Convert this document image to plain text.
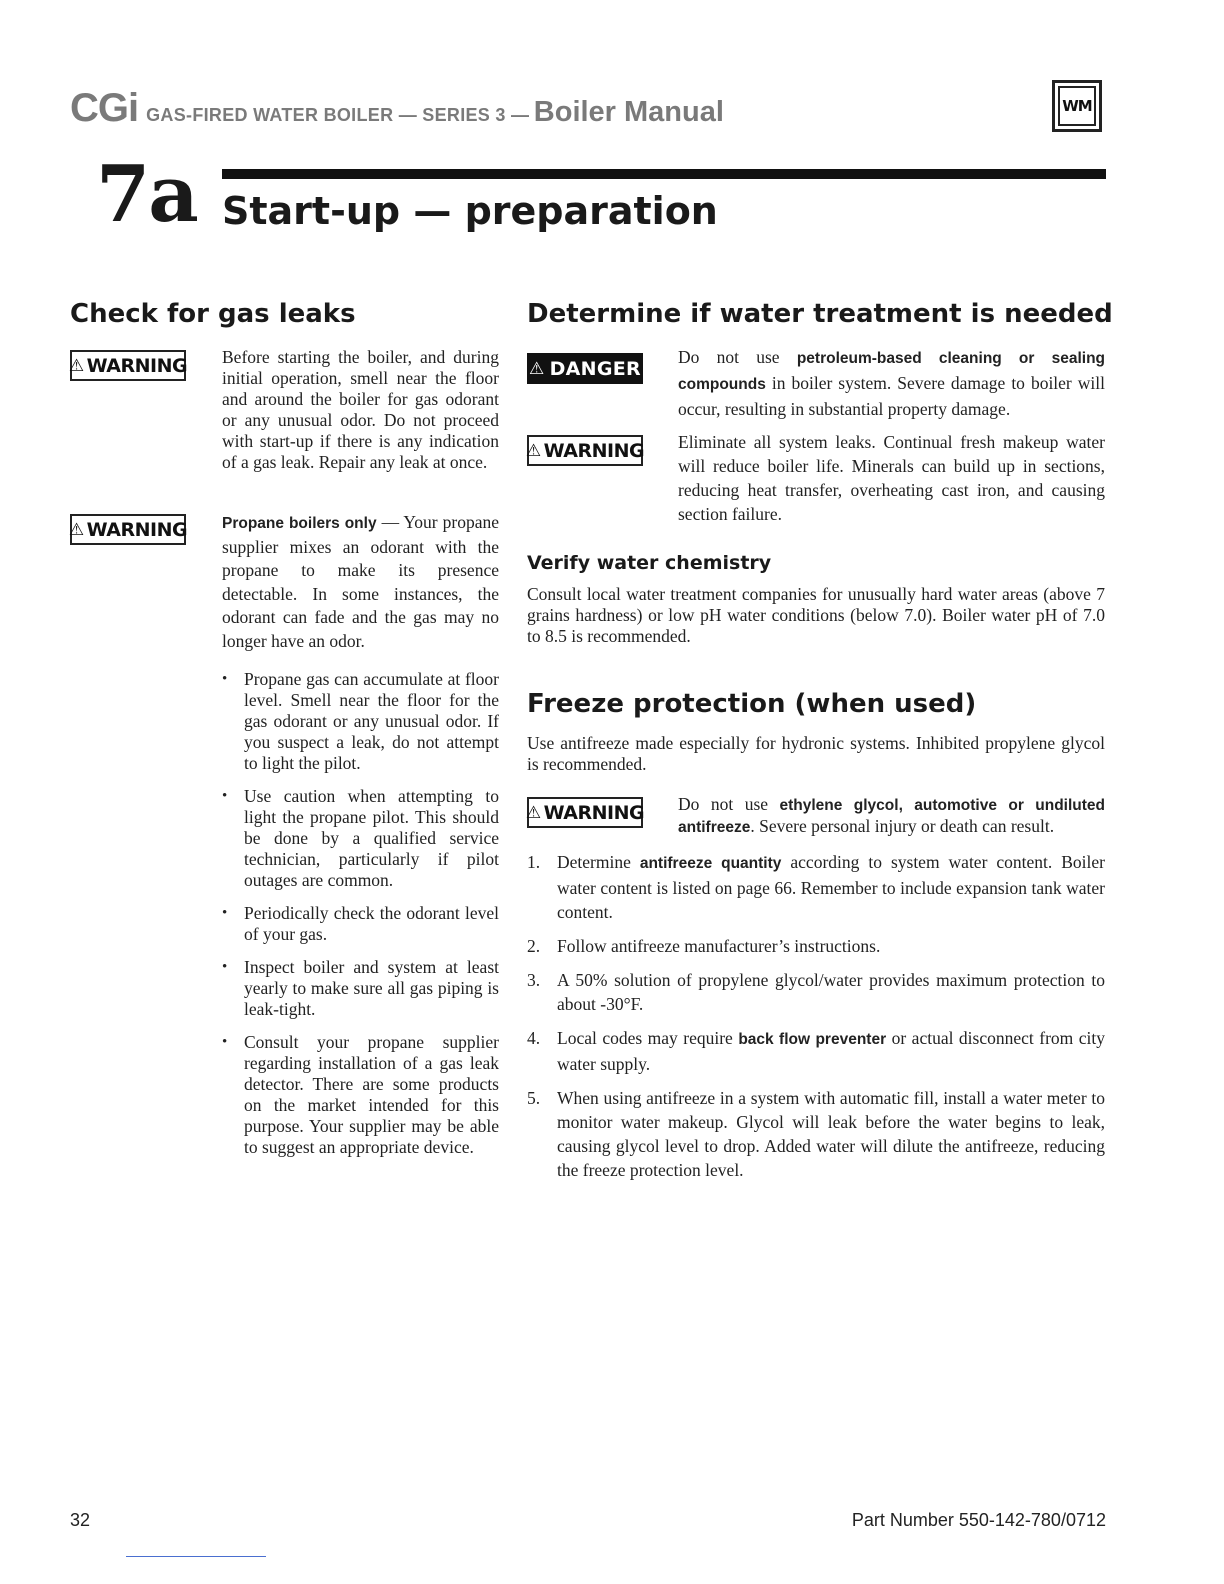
CGi GAS-FIRED WATER BOILER — SERIES 3 — Boiler Manual	WM
7a Start-up — preparation
Check for gas leaks
⚠ WARNING Before starting the boiler, and during initial operation, smell near the floor and around the boiler for gas odorant or any unusual odor. Do not proceed with start-up if there is any indication of a gas leak. Repair any leak at once.
⚠ WARNING Propane boilers only — Your propane supplier mixes an odorant with the propane to make its presence detectable. In some instances, the odorant can fade and the gas may no longer have an odor.
• Propane gas can accumulate at floor level. Smell near the floor for the gas odorant or any unusual odor. If you suspect a leak, do not attempt to light the pilot.
• Use caution when attempting to light the propane pilot. This should be done by a qualified service technician, particularly if pilot outages are common.
• Periodically check the odorant level of your gas.
• Inspect boiler and system at least yearly to make sure all gas piping is leak-tight.
• Consult your propane supplier regarding installation of a gas leak detector. There are some products on the market intended for this purpose. Your supplier may be able to suggest an appropriate device.
Determine if water treatment is needed
⚠ DANGER
Do not use petroleum-based cleaning or sealing compounds in boiler system. Severe damage to boiler will occur, resulting in substantial property damage.
⚠ WARNING Eliminate all system leaks. Continual fresh makeup water will reduce boiler life. Minerals can build up in sections, reducing heat transfer, overheating cast iron, and causing section failure.
Verify water chemistry
Consult local water treatment companies for unusually hard water areas (above 7 grains hardness) or low pH water conditions (below 7.0). Boiler water pH of 7.0 to 8.5 is recommended.
Freeze protection (when used)
Use antifreeze made especially for hydronic systems. Inhibited propylene glycol is recommended.
⚠ WARNING Do not use ethylene glycol, automotive or undiluted antifreeze. Severe personal injury or death can result.
1. Determine antifreeze quantity according to system water content. Boiler water content is listed on page 66. Remember to include expansion tank water content.
2. Follow antifreeze manufacturer’s instructions.
3. A 50% solution of propylene glycol/water provides maximum protection to about -30°F.
4. Local codes may require back flow preventer or actual disconnect from city water supply.
5. When using antifreeze in a system with automatic fill, install a water meter to monitor water makeup. Glycol will leak before the water begins to leak, causing glycol level to drop. Added water will dilute the antifreeze, reducing the freeze protection level.
32	Part Number 550-142-780/0712
